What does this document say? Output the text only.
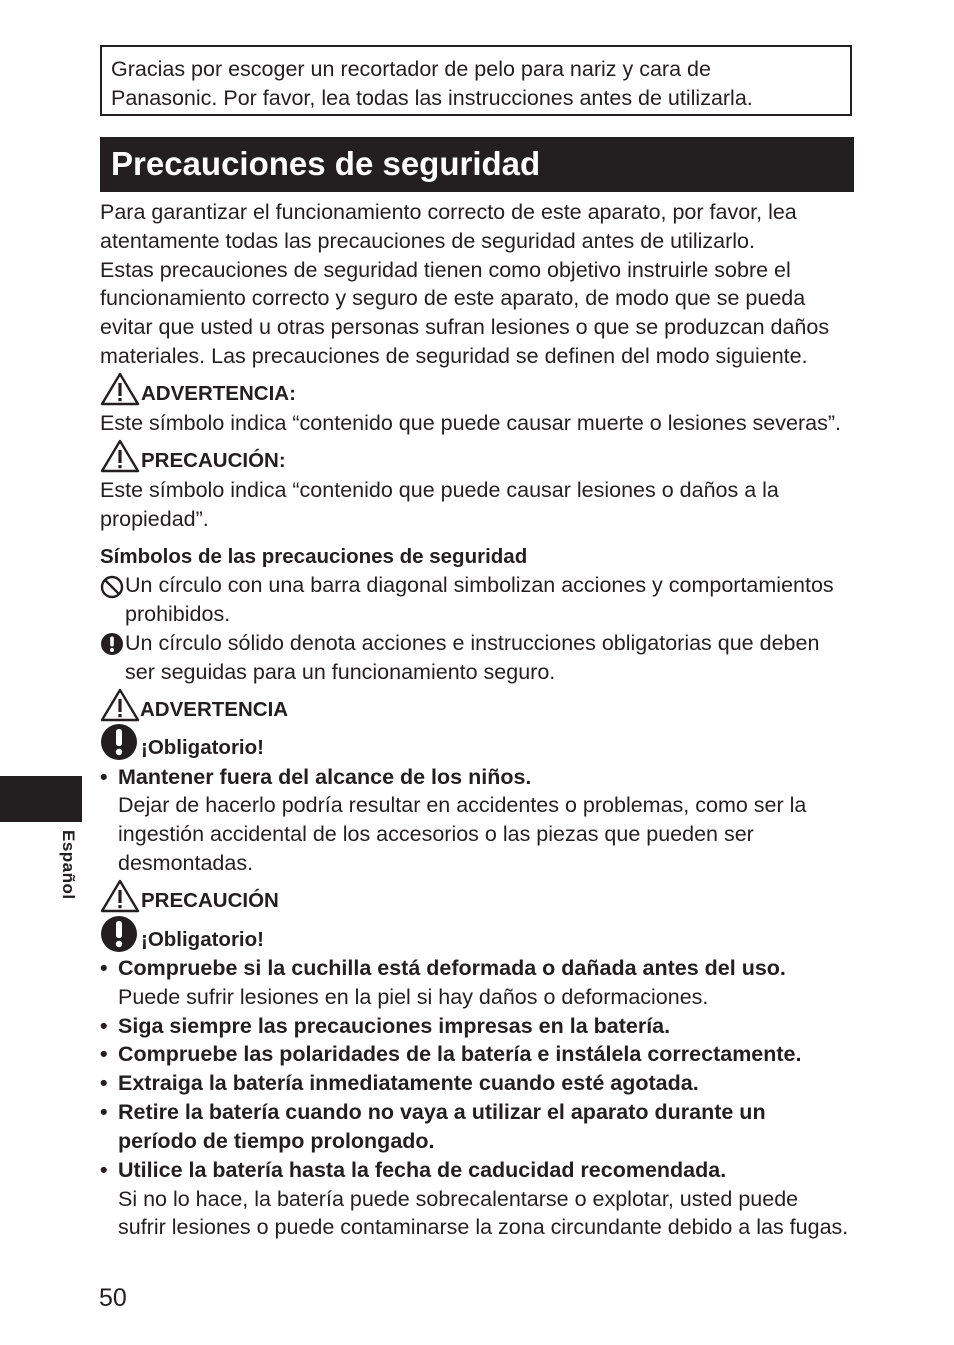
Gracias por escoger un recortador de pelo para nariz y cara de
Panasonic. Por favor, lea todas las instrucciones antes de utilizarla.
Precauciones de seguridad
Para garantizar el funcionamiento correcto de este aparato, por favor, lea
atentamente todas las precauciones de seguridad antes de utilizarlo.
Estas precauciones de seguridad tienen como objetivo instruirle sobre el
funcionamiento correcto y seguro de este aparato, de modo que se pueda
evitar que usted u otras personas sufran lesiones o que se produzcan daños
materiales. Las precauciones de seguridad se definen del modo siguiente.
ADVERTENCIA:
Este símbolo indica “contenido que puede causar muerte o lesiones severas”.
PRECAUCIÓN:
Este símbolo indica “contenido que puede causar lesiones o daños a la
propiedad”.
Símbolos de las precauciones de seguridad
Un círculo con una barra diagonal simbolizan acciones y comportamientos
prohibidos.
Un círculo sólido denota acciones e instrucciones obligatorias que deben
ser seguidas para un funcionamiento seguro.
ADVERTENCIA
¡Obligatorio!
• Mantener fuera del alcance de los niños.
Dejar de hacerlo podría resultar en accidentes o problemas, como ser la
ingestión accidental de los accesorios o las piezas que pueden ser
desmontadas.
PRECAUCIÓN
¡Obligatorio!
• Compruebe si la cuchilla está deformada o dañada antes del uso.
Puede sufrir lesiones en la piel si hay daños o deformaciones.
• Siga siempre las precauciones impresas en la batería.
• Compruebe las polaridades de la batería e instálela correctamente.
• Extraiga la batería inmediatamente cuando esté agotada.
• Retire la batería cuando no vaya a utilizar el aparato durante un
período de tiempo prolongado.
• Utilice la batería hasta la fecha de caducidad recomendada.
Si no lo hace, la batería puede sobrecalentarse o explotar, usted puede
sufrir lesiones o puede contaminarse la zona circundante debido a las fugas.
Español
50
